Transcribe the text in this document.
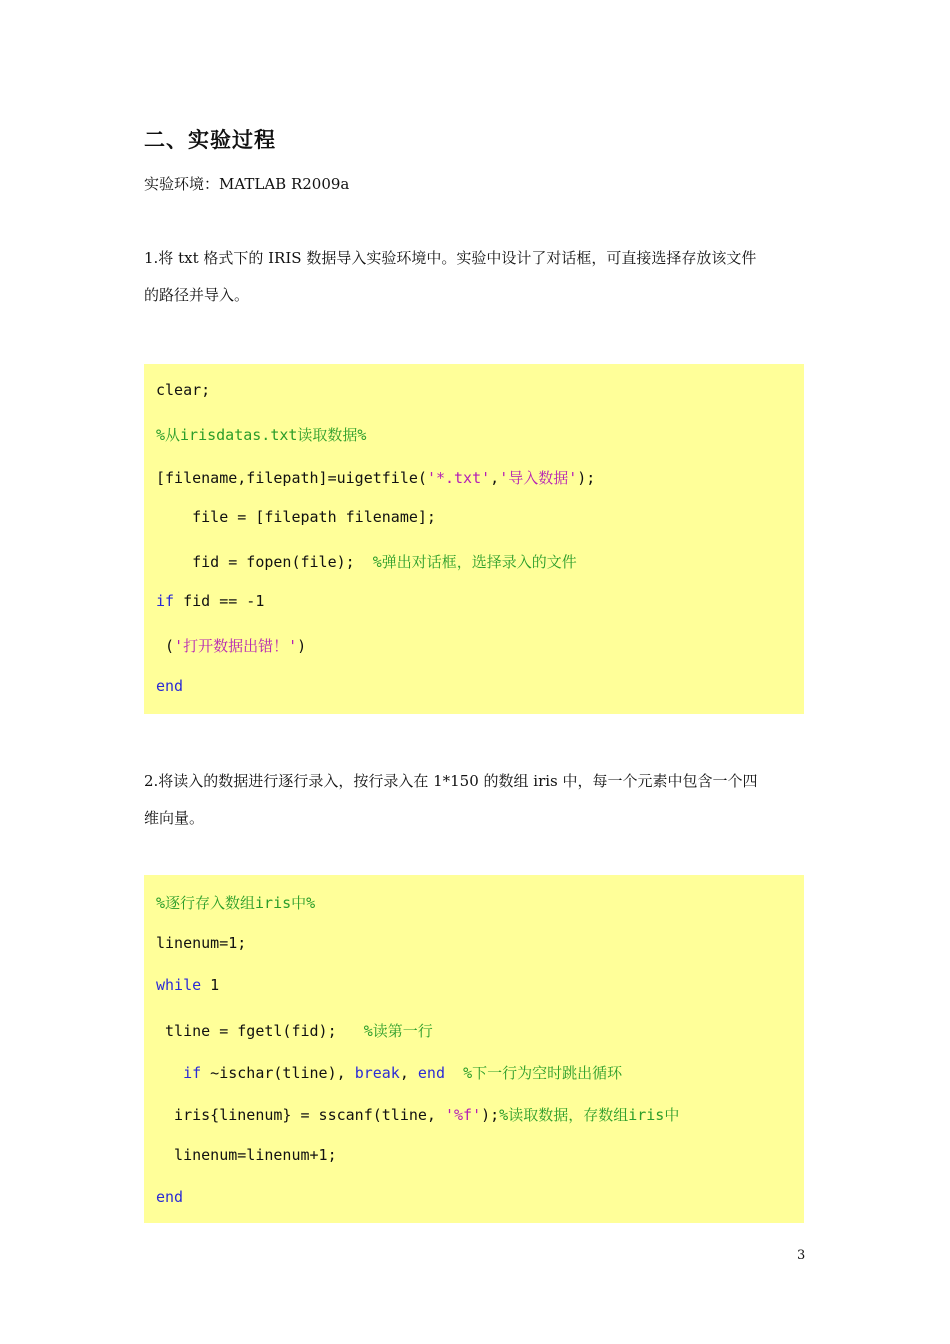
二、实验过程
实验环境：MATLAB R2009a
1.将 txt 格式下的 IRIS 数据导入实验环境中。实验中设计了对话框，可直接选择存放该文件
的路径并导入。
clear;
%从irisdatas.txt读取数据%
[filename,filepath]=uigetfile('*.txt','导入数据');
file = [filepath filename];
fid = fopen(file);  %弹出对话框，选择录入的文件
if fid == -1
('打开数据出错！')
end
2.将读入的数据进行逐行录入，按行录入在 1*150 的数组 iris 中，每一个元素中包含一个四
维向量。
%逐行存入数组iris中%
linenum=1;
while 1
tline = fgetl(fid);   %读第一行
if ~ischar(tline), break, end %下一行为空时跳出循环
iris{linenum} = sscanf(tline, '%f');%读取数据，存数组iris中
linenum=linenum+1;
end
3
